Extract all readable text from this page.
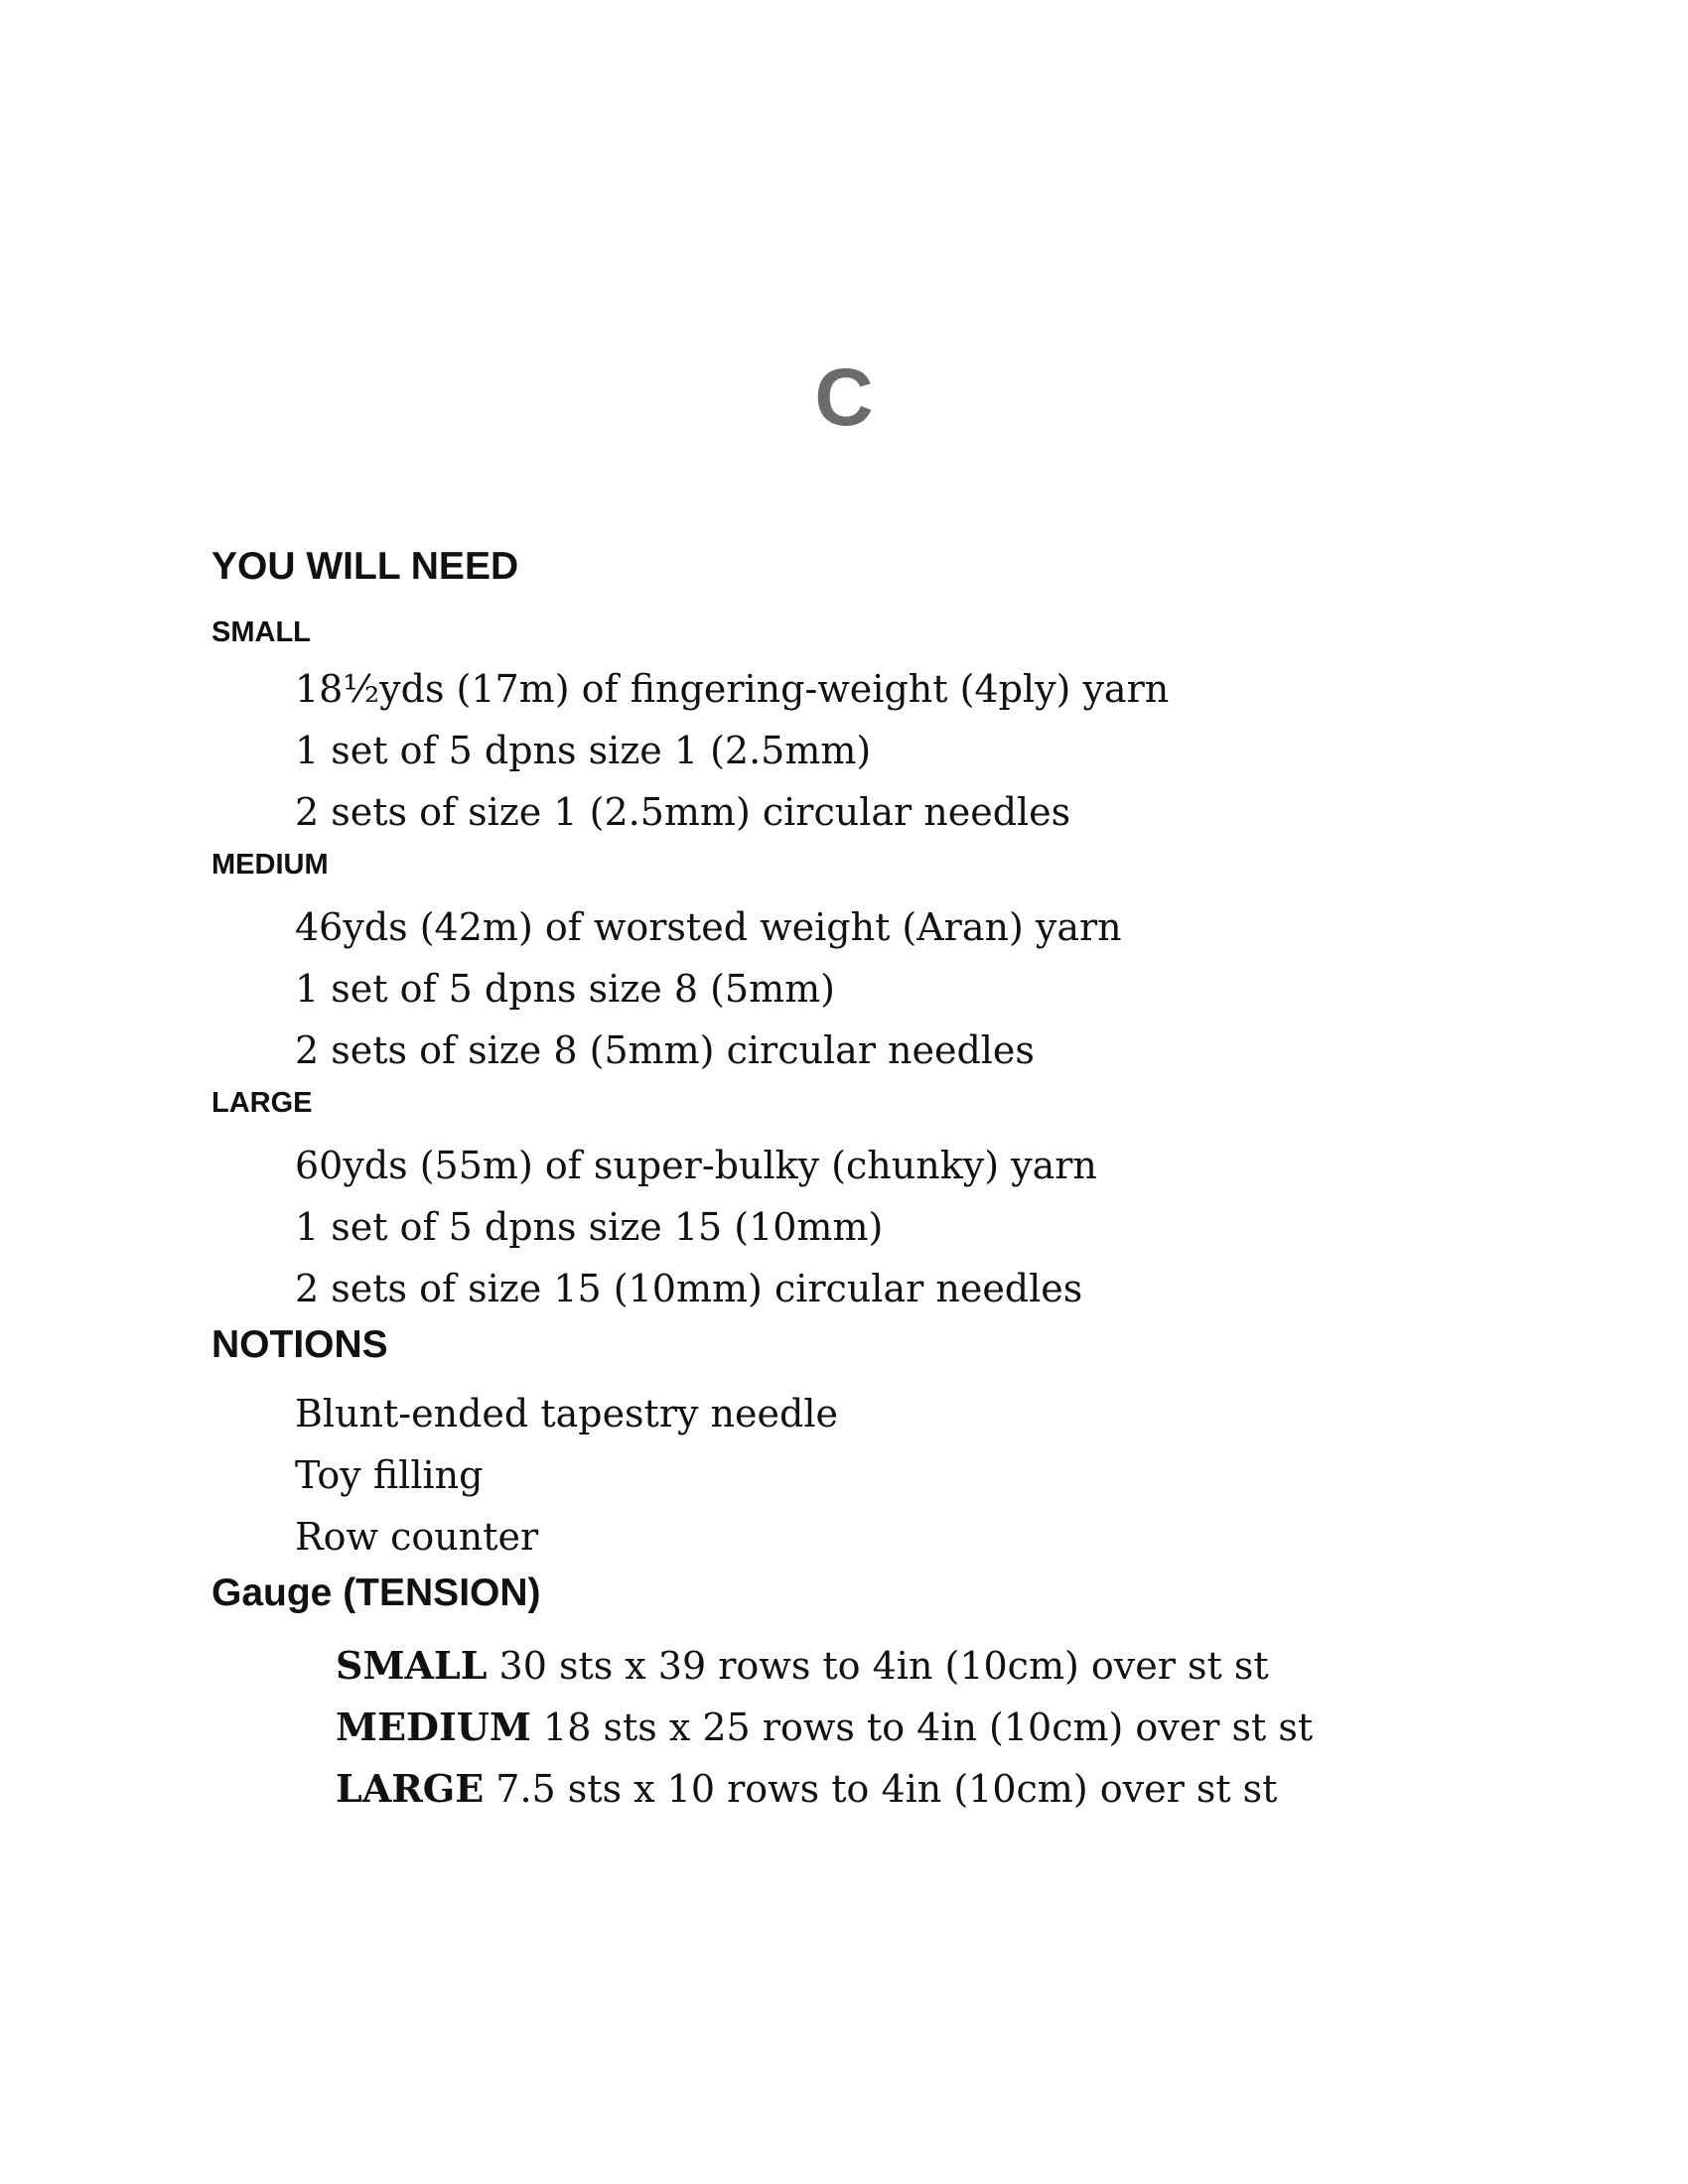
C
YOU WILL NEED
SMALL
18½yds (17m) of fingering-weight (4ply) yarn
1 set of 5 dpns size 1 (2.5mm)
2 sets of size 1 (2.5mm) circular needles
MEDIUM
46yds (42m) of worsted weight (Aran) yarn
1 set of 5 dpns size 8 (5mm)
2 sets of size 8 (5mm) circular needles
LARGE
60yds (55m) of super-bulky (chunky) yarn
1 set of 5 dpns size 15 (10mm)
2 sets of size 15 (10mm) circular needles
NOTIONS
Blunt-ended tapestry needle
Toy filling
Row counter
Gauge (TENSION)
SMALL 30 sts x 39 rows to 4in (10cm) over st st
MEDIUM 18 sts x 25 rows to 4in (10cm) over st st
LARGE 7.5 sts x 10 rows to 4in (10cm) over st st
